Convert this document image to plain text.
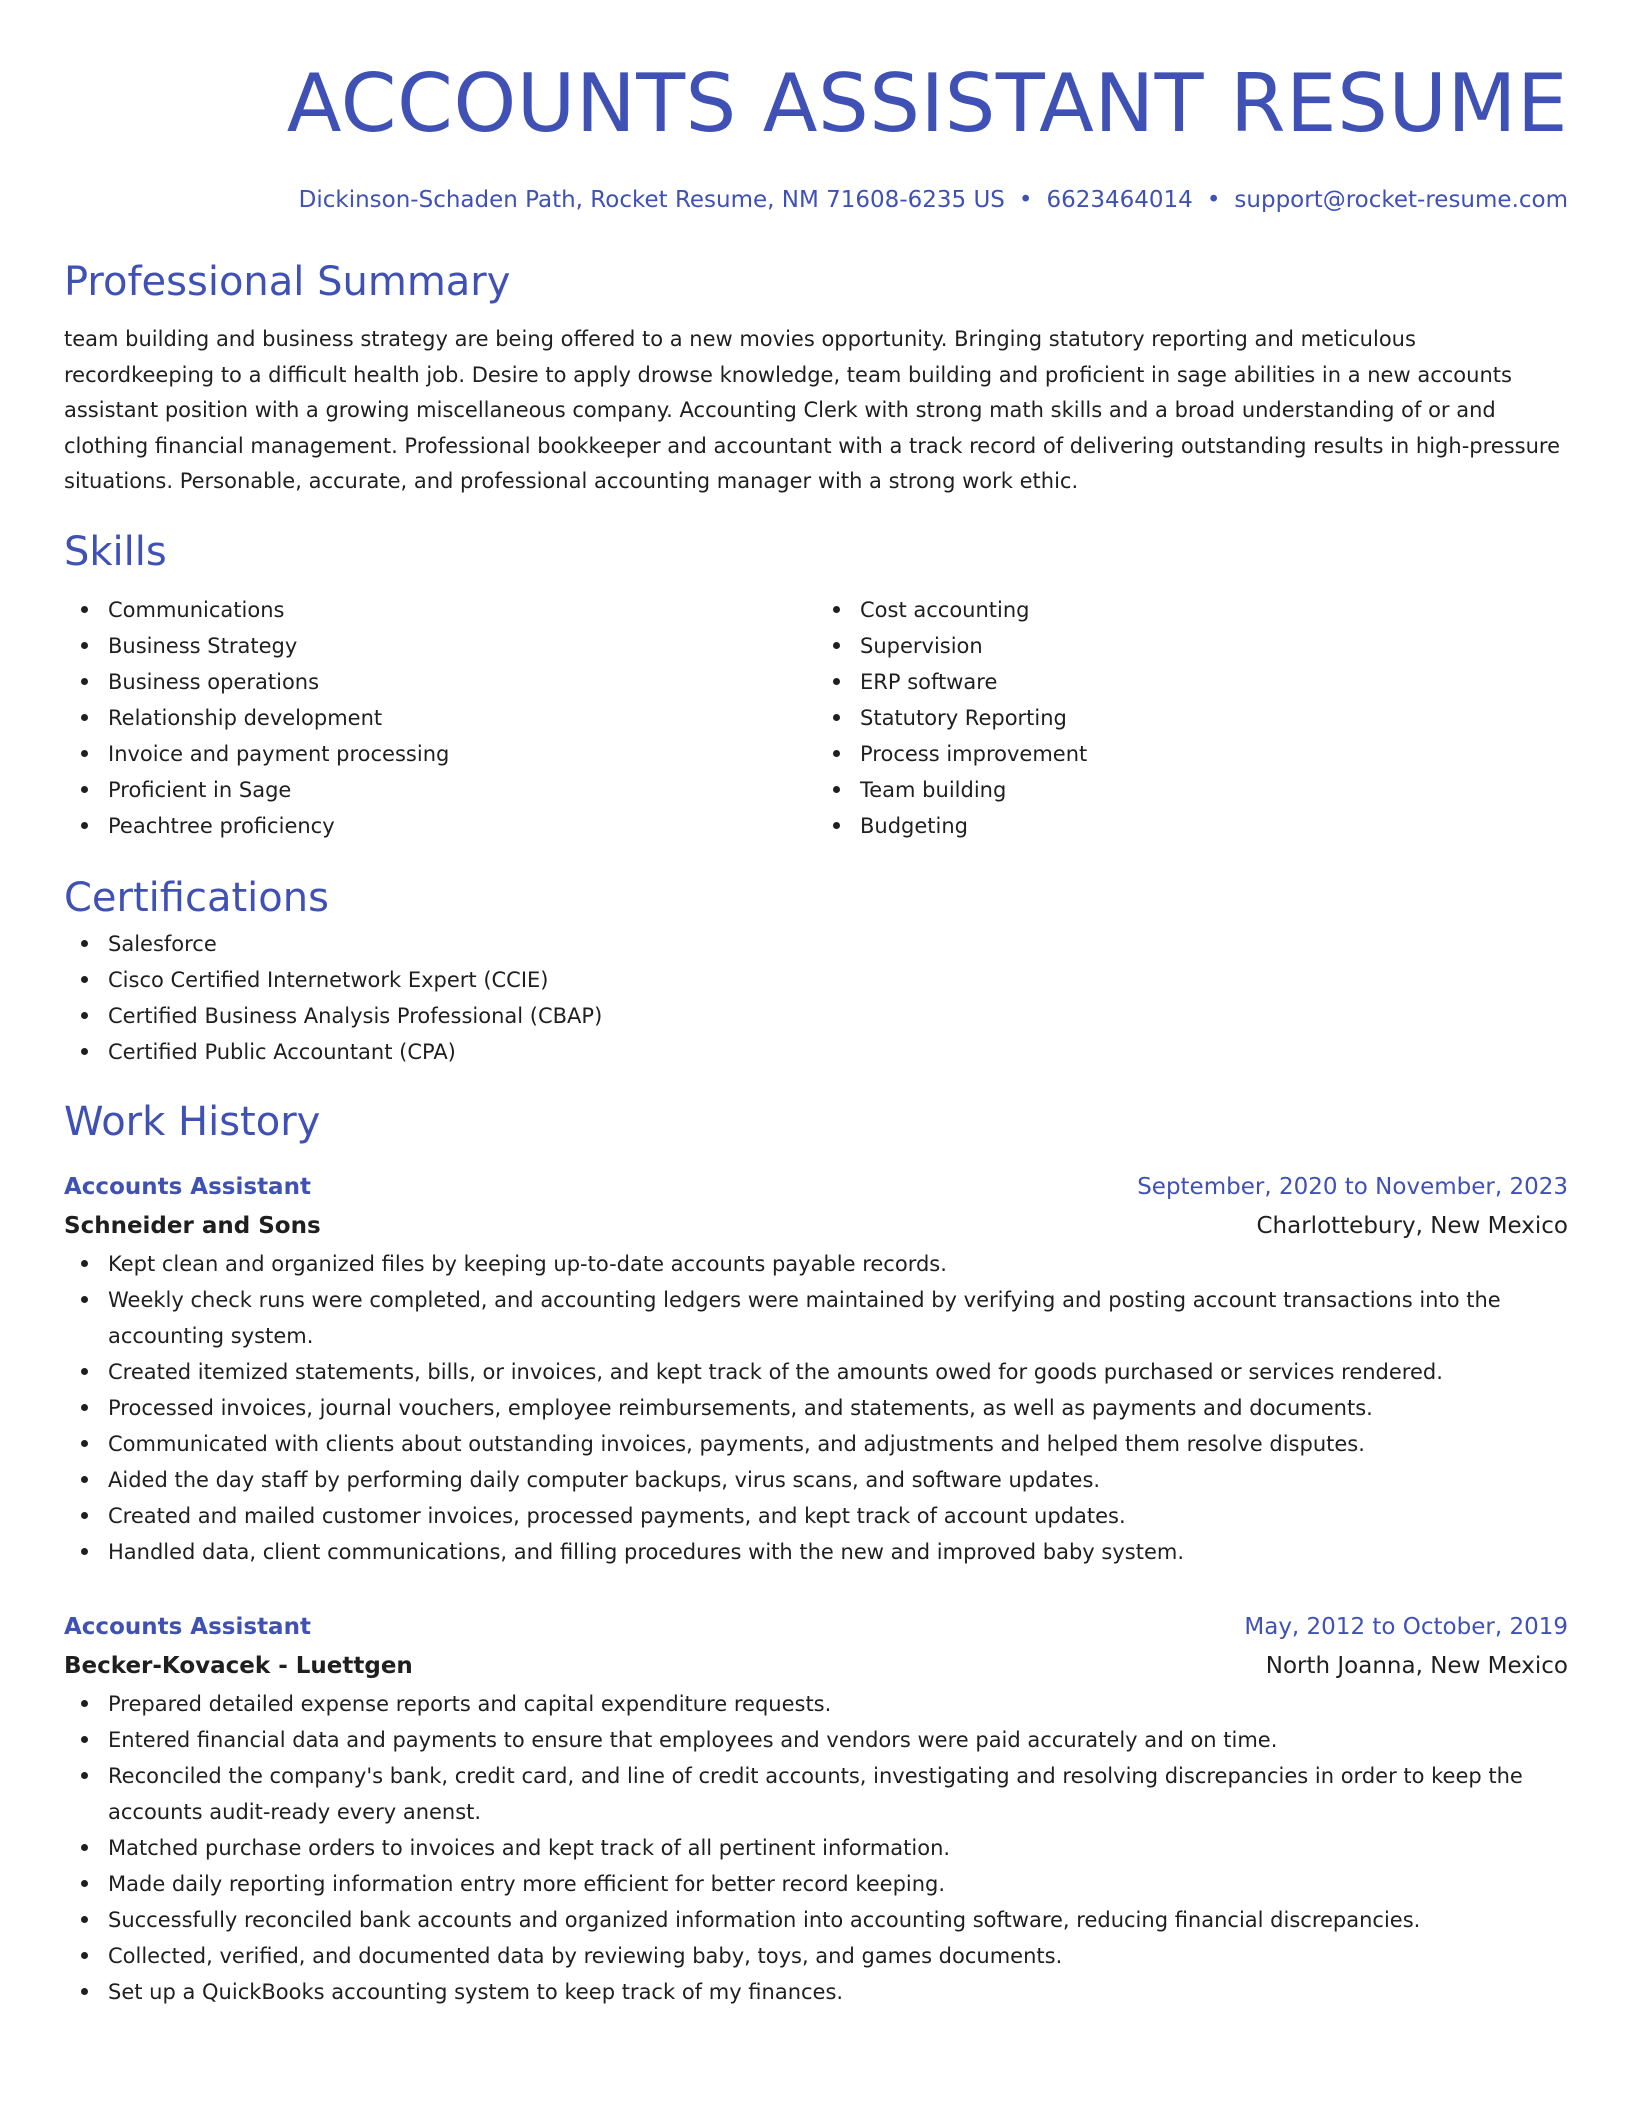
ACCOUNTS ASSISTANT RESUME
Dickinson-Schaden Path, Rocket Resume, NM 71608-6235 US • 6623464014 • support@rocket-resume.com
Professional Summary

team building and business strategy are being offered to a new movies opportunity. Bringing statutory reporting and meticulous recordkeeping to a difficult health job. Desire to apply drowse knowledge, team building and proficient in sage abilities in a new accounts assistant position with a growing miscellaneous company. Accounting Clerk with strong math skills and a broad understanding of or and clothing financial management. Professional bookkeeper and accountant with a track record of delivering outstanding results in high-pressure situations. Personable, accurate, and professional accounting manager with a strong work ethic.

Skills
Communications
Business Strategy
Business operations
Relationship development
Invoice and payment processing
Proficient in Sage
Peachtree proficiency
Cost accounting
Supervision
ERP software
Statutory Reporting
Process improvement
Team building
Budgeting
Certifications
Salesforce
Cisco Certified Internetwork Expert (CCIE)
Certified Business Analysis Professional (CBAP)
Certified Public Accountant (CPA)
Work History
Accounts Assistant	September, 2020 to November, 2023
Schneider and Sons	Charlottebury, New Mexico
Kept clean and organized files by keeping up-to-date accounts payable records.
Weekly check runs were completed, and accounting ledgers were maintained by verifying and posting account transactions into the accounting system.
Created itemized statements, bills, or invoices, and kept track of the amounts owed for goods purchased or services rendered.
Processed invoices, journal vouchers, employee reimbursements, and statements, as well as payments and documents.
Communicated with clients about outstanding invoices, payments, and adjustments and helped them resolve disputes.
Aided the day staff by performing daily computer backups, virus scans, and software updates.
Created and mailed customer invoices, processed payments, and kept track of account updates.
Handled data, client communications, and filling procedures with the new and improved baby system.
Accounts Assistant	May, 2012 to October, 2019
Becker-Kovacek - Luettgen	North Joanna, New Mexico
Prepared detailed expense reports and capital expenditure requests.
Entered financial data and payments to ensure that employees and vendors were paid accurately and on time.
Reconciled the company's bank, credit card, and line of credit accounts, investigating and resolving discrepancies in order to keep the accounts audit-ready every anenst.
Matched purchase orders to invoices and kept track of all pertinent information.
Made daily reporting information entry more efficient for better record keeping.
Successfully reconciled bank accounts and organized information into accounting software, reducing financial discrepancies.
Collected, verified, and documented data by reviewing baby, toys, and games documents.
Set up a QuickBooks accounting system to keep track of my finances.
